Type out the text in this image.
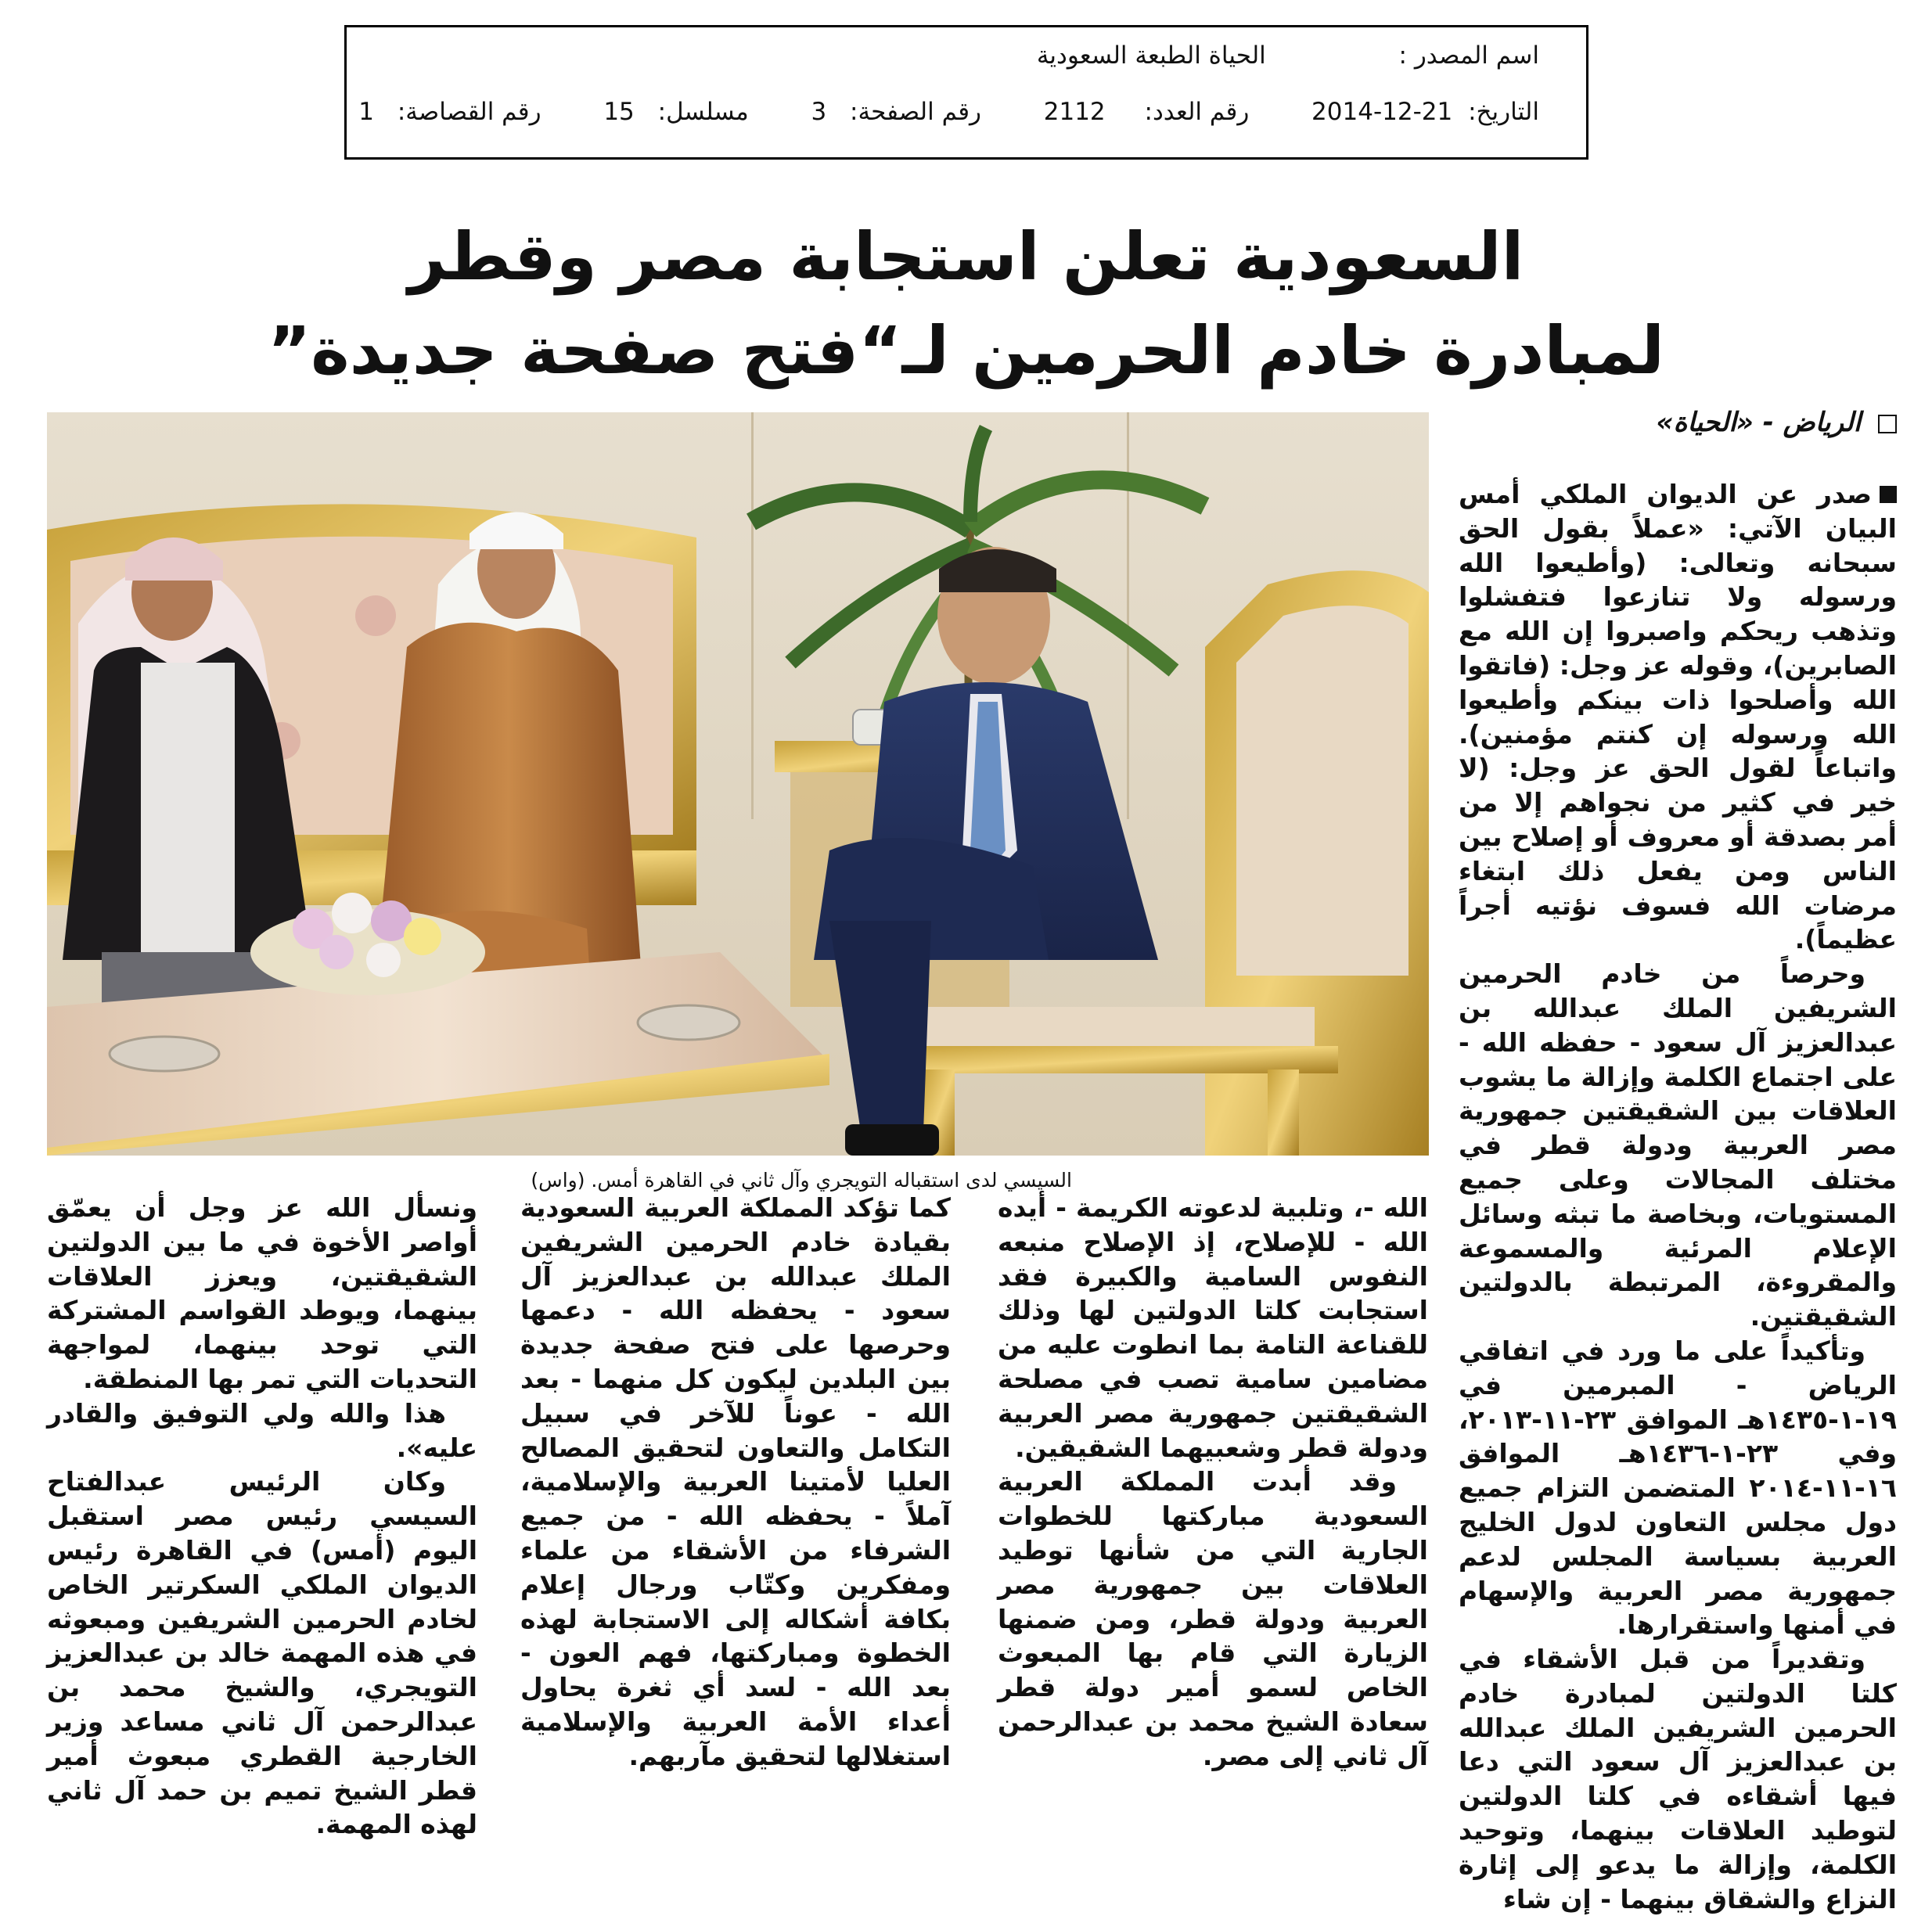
اسم المصدر :  الحياة الطبعة السعودية
التاريخ: 2014-12-21  رقم العدد: 2112  رقم الصفحة: 3  مسلسل: 15  رقم القصاصة: 1
السعودية تعلن استجابة مصر وقطر
لمبادرة خادم الحرمين لـ“فتح صفحة جديدة”
الرياض - «الحياة»
السيسي لدى استقباله التويجري وآل ثاني في القاهرة أمس. (واس)

صدر عن الديوان الملكي أمس البيان الآتي: «عملاً بقول الحق سبحانه وتعالى: (وأطيعوا الله ورسوله ولا تنازعوا فتفشلوا وتذهب ريحكم واصبروا إن الله مع الصابرين)، وقوله عز وجل: (فاتقوا الله وأصلحوا ذات بينكم وأطيعوا الله ورسوله إن كنتم مؤمنين). واتباعاً لقول الحق عز وجل: (لا خير في كثير من نجواهم إلا من أمر بصدقة أو معروف أو إصلاح بين الناس ومن يفعل ذلك ابتغاء مرضات الله فسوف نؤتيه أجراً عظيماً).

وحرصاً من خادم الحرمين الشريفين الملك عبدالله بن عبدالعزيز آل سعود - حفظه الله - على اجتماع الكلمة وإزالة ما يشوب العلاقات بين الشقيقتين جمهورية مصر العربية ودولة قطر في مختلف المجالات وعلى جميع المستويات، وبخاصة ما تبثه وسائل الإعلام المرئية والمسموعة والمقروءة، المرتبطة بالدولتين الشقيقتين.

وتأكيداً على ما ورد في اتفاقي الرياض - المبرمين في ١٩-١-١٤٣٥هـ الموافق ٢٣-١١-٢٠١٣، وفي ٢٣-١-١٤٣٦هـ الموافق ١٦-١١-٢٠١٤ المتضمن التزام جميع دول مجلس التعاون لدول الخليج العربية بسياسة المجلس لدعم جمهورية مصر العربية والإسهام في أمنها واستقرارها.

وتقديراً من قبل الأشقاء في كلتا الدولتين لمبادرة خادم الحرمين الشريفين الملك عبدالله بن عبدالعزيز آل سعود التي دعا فيها أشقاءه في كلتا الدولتين لتوطيد العلاقات بينهما، وتوحيد الكلمة، وإزالة ما يدعو إلى إثارة النزاع والشقاق بينهما - إن شاء

الله -، وتلبية لدعوته الكريمة - أيده الله - للإصلاح، إذ الإصلاح منبعه النفوس السامية والكبيرة فقد استجابت كلتا الدولتين لها وذلك للقناعة التامة بما انطوت عليه من مضامين سامية تصب في مصلحة الشقيقتين جمهورية مصر العربية ودولة قطر وشعبيهما الشقيقين.

وقد أبدت المملكة العربية السعودية مباركتها للخطوات الجارية التي من شأنها توطيد العلاقات بين جمهورية مصر العربية ودولة قطر، ومن ضمنها الزيارة التي قام بها المبعوث الخاص لسمو أمير دولة قطر سعادة الشيخ محمد بن عبدالرحمن آل ثاني إلى مصر.

كما تؤكد المملكة العربية السعودية بقيادة خادم الحرمين الشريفين الملك عبدالله بن عبدالعزيز آل سعود - يحفظه الله - دعمها وحرصها على فتح صفحة جديدة بين البلدين ليكون كل منهما - بعد الله - عوناً للآخر في سبيل التكامل والتعاون لتحقيق المصالح العليا لأمتينا العربية والإسلامية، آملاً - يحفظه الله - من جميع الشرفاء من الأشقاء من علماء ومفكرين وكتّاب ورجال إعلام بكافة أشكاله إلى الاستجابة لهذه الخطوة ومباركتها، فهم العون - بعد الله - لسد أي ثغرة يحاول أعداء الأمة العربية والإسلامية استغلالها لتحقيق مآربهم.

ونسأل الله عز وجل أن يعمّق أواصر الأخوة في ما بين الدولتين الشقيقتين، ويعزز العلاقات بينهما، ويوطد القواسم المشتركة التي توحد بينهما، لمواجهة التحديات التي تمر بها المنطقة.

هذا والله ولي التوفيق والقادر عليه».

وكان الرئيس عبدالفتاح السيسي رئيس مصر استقبل اليوم (أمس) في القاهرة رئيس الديوان الملكي السكرتير الخاص لخادم الحرمين الشريفين ومبعوثه في هذه المهمة خالد بن عبدالعزيز التويجري، والشيخ محمد بن عبدالرحمن آل ثاني مساعد وزير الخارجية القطري مبعوث أمير قطر الشيخ تميم بن حمد آل ثاني لهذه المهمة.
